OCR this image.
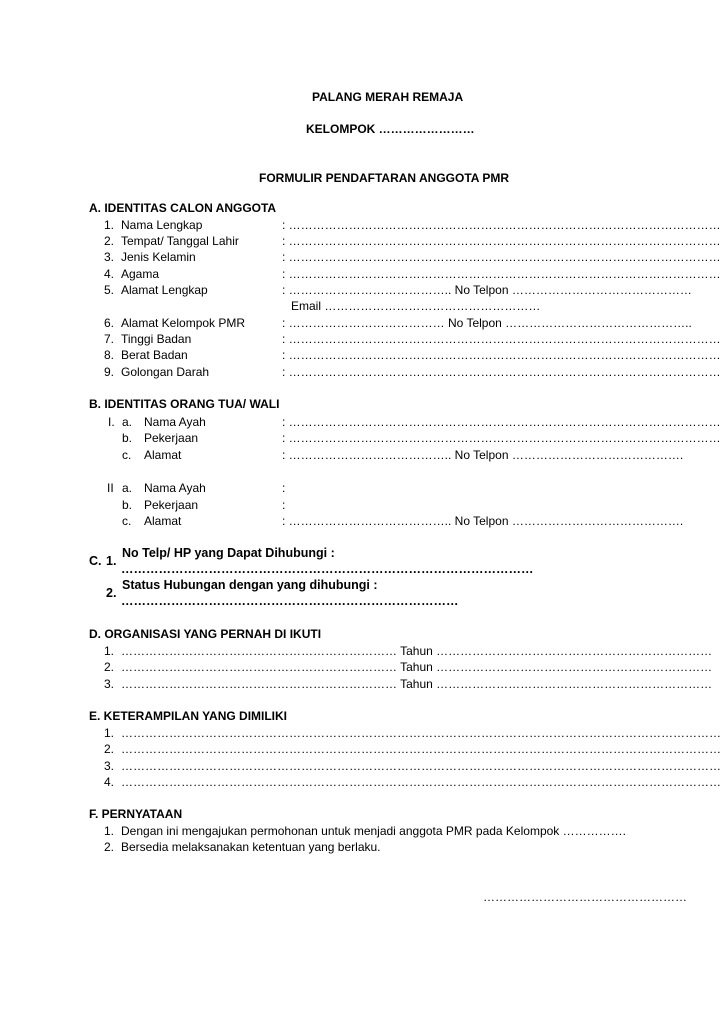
PALANG MERAH REMAJA
KELOMPOK ……………………
FORMULIR PENDAFTARAN ANGGOTA PMR
A. IDENTITAS CALON ANGGOTA
1. Nama Lengkap	: ………………………………………………………………………………………………
2. Tempat/ Tanggal Lahir	: ………………………………………………………………………………………………
3. Jenis Kelamin	: ………………………………………………………………………………………………
4. Agama	: ………………………………………………………………………………………………
5. Alamat Lengkap	: ………………………………….. No Telpon ………………………………………
Email ………………………………………………
6. Alamat Kelompok PMR	: ………………………………… No Telpon ………………………………………..
7. Tinggi Badan	: ………………………………………………………………………………………………
8. Berat Badan	: ………………………………………………………………………………………………
9. Golongan Darah	: ………………………………………………………………………………………………
B. IDENTITAS ORANG TUA/ WALI
I. a. Nama Ayah	: ………………………………………………………………………………………………
b. Pekerjaan	: ………………………………………………………………………………………………
c. Alamat	: ………………………………….. No Telpon …………………………………….
II a. Nama Ayah	:
b. Pekerjaan	:
c. Alamat	: ………………………………….. No Telpon …………………………………….
C. 1.
No Telp/ HP yang Dapat Dihubungi :
………………………………………………………………………………………
2.
Status Hubungan dengan yang dihubungi :
………………………………………………………………………
D. ORGANISASI YANG PERNAH DI IKUTI
1. …………………………………………………………… Tahun ……………………………………………………………
2. …………………………………………………………… Tahun ……………………………………………………………
3. …………………………………………………………… Tahun ……………………………………………………………
E. KETERAMPILAN YANG DIMILIKI
1. ……………………………………………………………………………………………………………………………………
2. ……………………………………………………………………………………………………………………………………
3. ……………………………………………………………………………………………………………………………………
4. ……………………………………………………………………………………………………………………………………
F. PERNYATAAN
1. Dengan ini mengajukan permohonan untuk menjadi anggota PMR pada Kelompok …………….
2. Bersedia melaksanakan ketentuan yang berlaku.
……………………………………………
